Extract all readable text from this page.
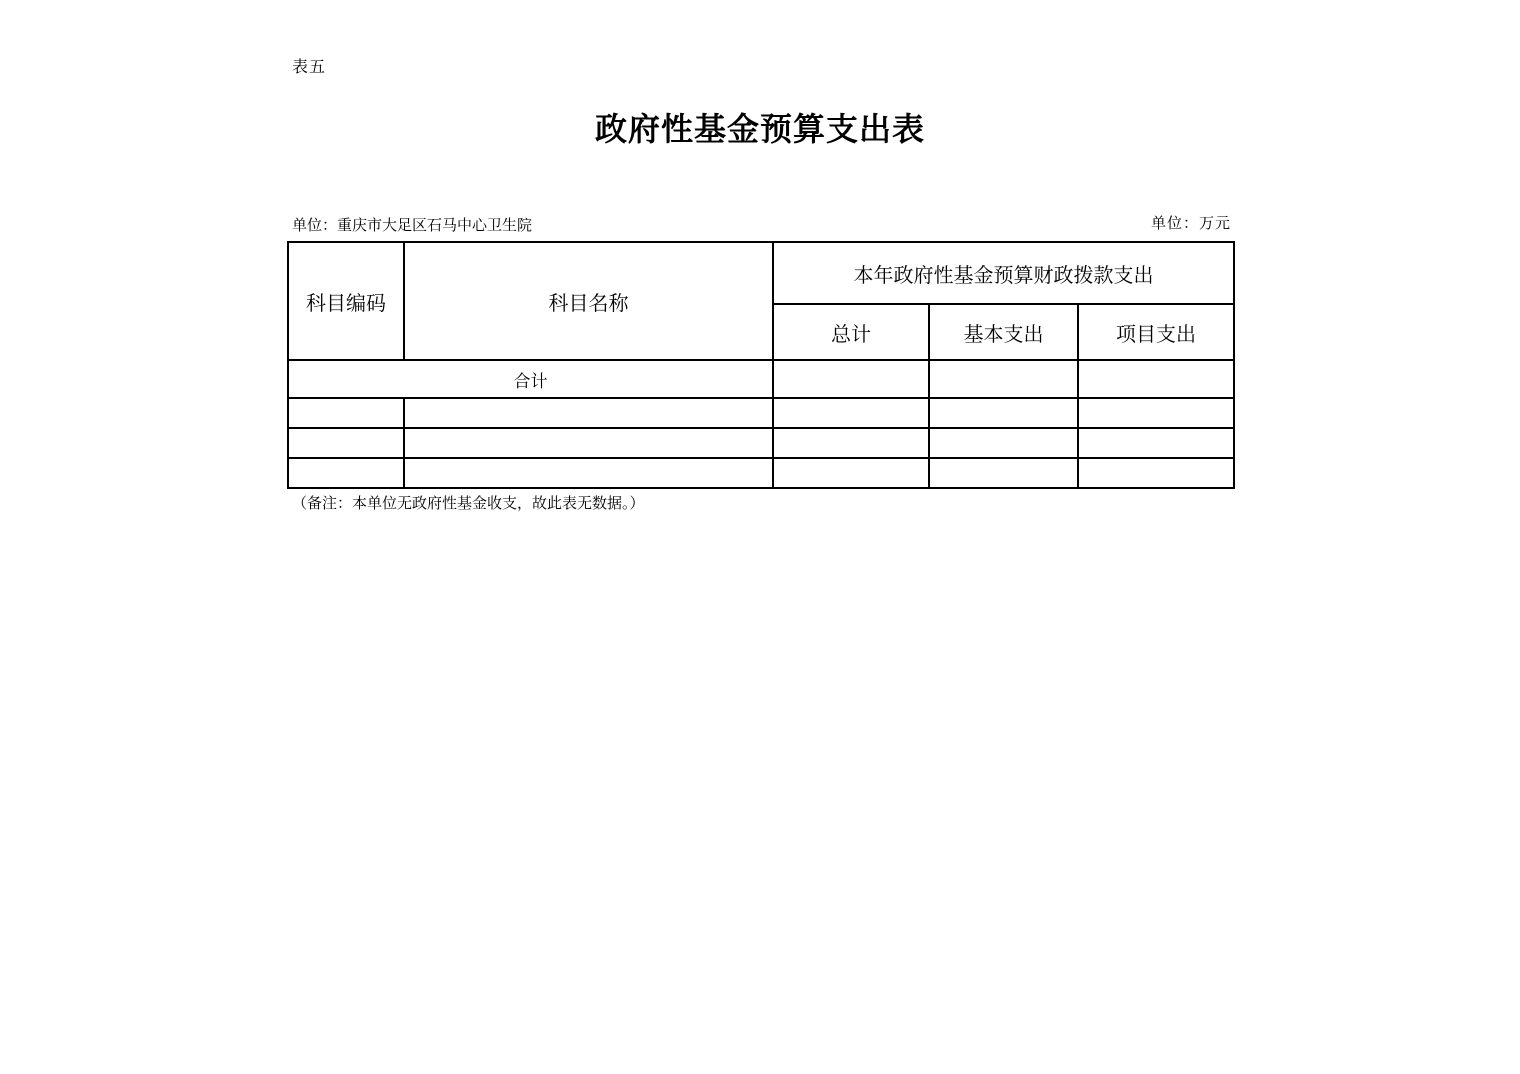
表五
政府性基金预算支出表
单位：重庆市大足区石马中心卫生院	单位：万元
科目编码	科目名称	本年政府性基金预算财政拨款支出		
		总计	基本支出	项目支出
合计				

（备注：本单位无政府性基金收支，故此表无数据。）
